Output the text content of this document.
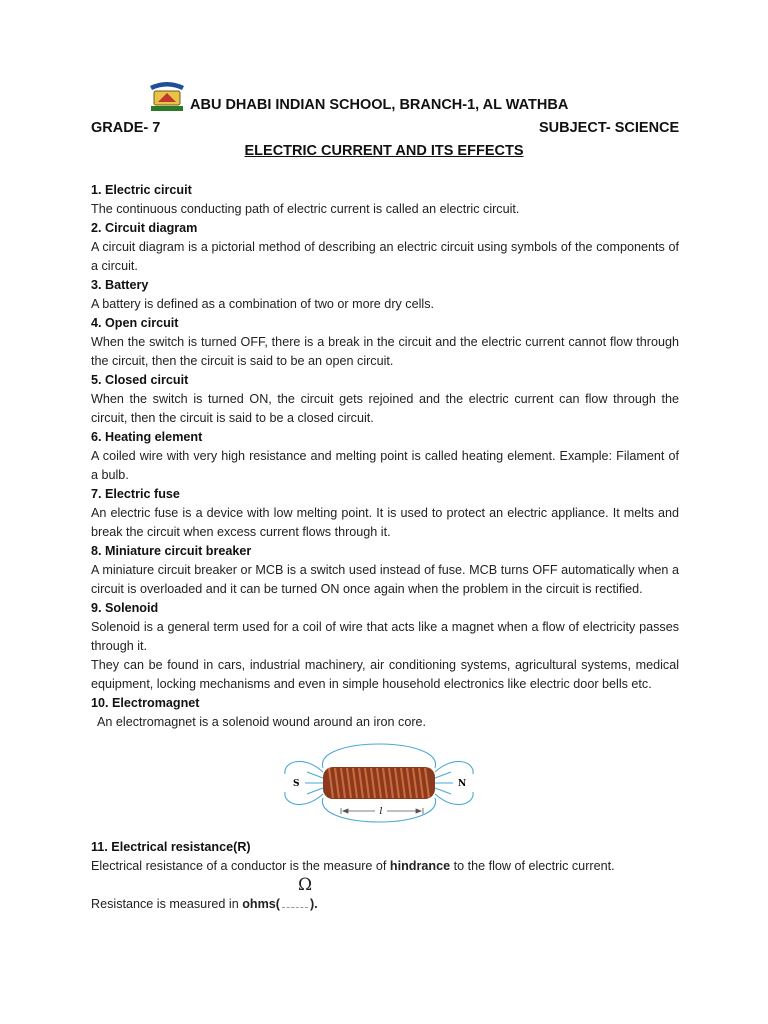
ABU DHABI INDIAN SCHOOL, BRANCH-1, AL WATHBA
GRADE- 7	SUBJECT- SCIENCE
ELECTRIC CURRENT AND ITS EFFECTS
1. Electric circuit
The continuous conducting path of electric current is called an electric circuit.
2. Circuit diagram
A circuit diagram is a pictorial method of describing an electric circuit using symbols of the components of a circuit.
3. Battery
A battery is defined as a combination of two or more dry cells.
4. Open circuit
When the switch is turned OFF, there is a break in the circuit and the electric current cannot flow through the circuit, then the circuit is said to be an open circuit.
5. Closed circuit
When the switch is turned ON, the circuit gets rejoined and the electric current can flow through the circuit, then the circuit is said to be a closed circuit.
6. Heating element
A coiled wire with very high resistance and melting point is called heating element. Example: Filament of a bulb.
7. Electric fuse
An electric fuse is a device with low melting point. It is used to protect an electric appliance. It melts and break the circuit when excess current flows through it.
8. Miniature circuit breaker
A miniature circuit breaker or MCB is a switch used instead of fuse. MCB turns OFF automatically when a circuit is overloaded and it can be turned ON once again when the problem in the circuit is rectified.
9. Solenoid
Solenoid is a general term used for a coil of wire that acts like a magnet when a flow of electricity passes through it.
They can be found in cars, industrial machinery, air conditioning systems, agricultural systems, medical equipment, locking mechanisms and even in simple household electronics like electric door bells etc.
10. Electromagnet
An electromagnet is a solenoid wound around an iron core.
l
S	N
11. Electrical resistance(R)
Electrical resistance of a conductor is the measure of hindrance to the flow of electric current.
Ω
Resistance is measured in ohms( ).
